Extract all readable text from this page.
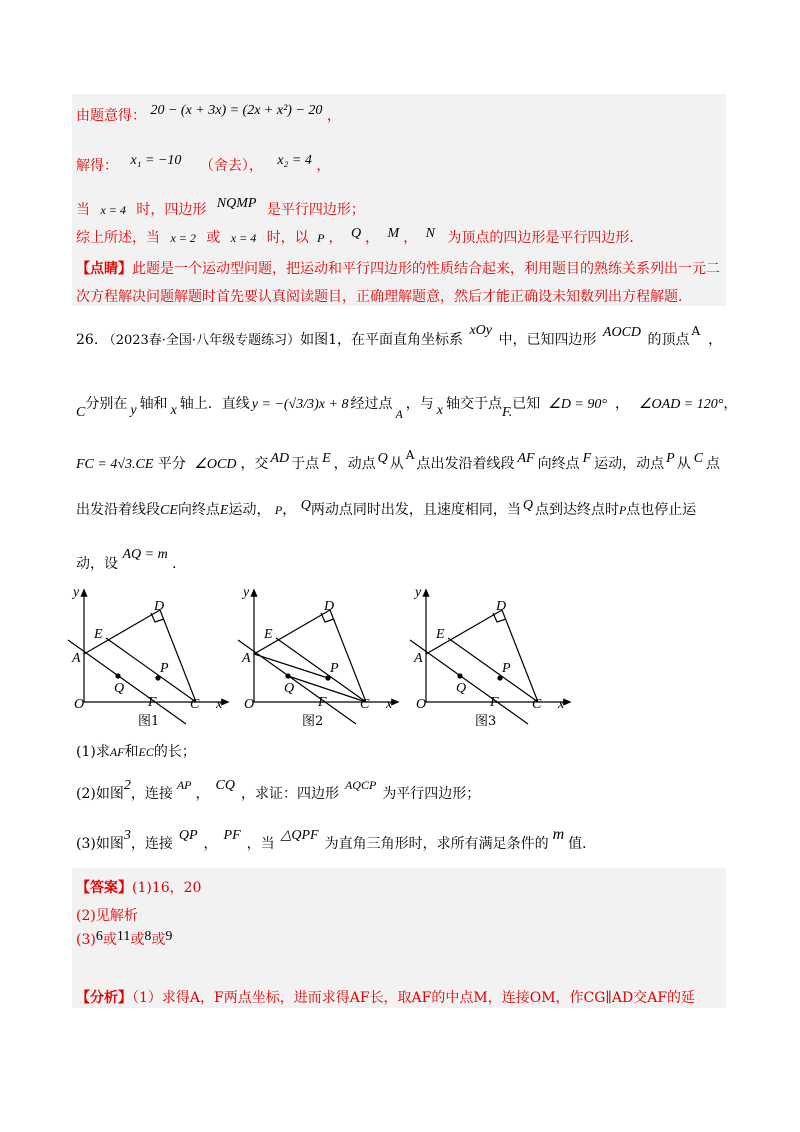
由题意得： 20 − (x + 3x) = (2x + x²) − 20 ，
解得： x₁ = −10 （舍去）， x₂ = 4 ，
当 x = 4 时，四边形 NQMP 是平行四边形；
综上所述，当 x = 2 或 x = 4 时，以 P ， Q ， M ， N 为顶点的四边形是平行四边形．
【点睛】此题是一个运动型问题，把运动和平行四边形的性质结合起来，利用题目的熟练关系列出一元二
次方程解决问题解题时首先要认真阅读题目，正确理解题意，然后才能正确设未知数列出方程解题.
26. （2023春·全国·八年级专题练习）如图1，在平面直角坐标系 xOy 中，已知四边形 AOCD 的顶点A，
C分别在 y 轴和 x 轴上．直线 y = −(√3/3)x + 8 经过点A，与 x 轴交于点F.已知 ∠D = 90° ， ∠OAD = 120°，
FC = 4√3.CE 平分 ∠OCD ，交 AD 于点 E ，动点 Q 从A点出发沿着线段 AF 向终点 F 运动，动点 P 从 C 点
出发沿着线段CE向终点E运动， P， Q两动点同时出发，且速度相同，当 Q 点到达终点时P点也停止运
动，设 AQ = m ．
y
x
O
A
E
D
Q
P
F C
y
x
O
A
E
D
Q
P
F C
y
x
O
A
E
D
Q
P
F C
图1	图2	图3
(1)求AF和EC的长；
(2)如图2，连接AP，CQ，求证：四边形AQCP为平行四边形；
(3)如图3，连接QP，PF，当△QPF为直角三角形时，求所有满足条件的m值．
【答案】(1)16，20
(2)见解析
(3)6或11或8或9
【分析】（1）求得A，F两点坐标，进而求得AF长，取AF的中点M，连接OM，作CG∥AD交AF的延
